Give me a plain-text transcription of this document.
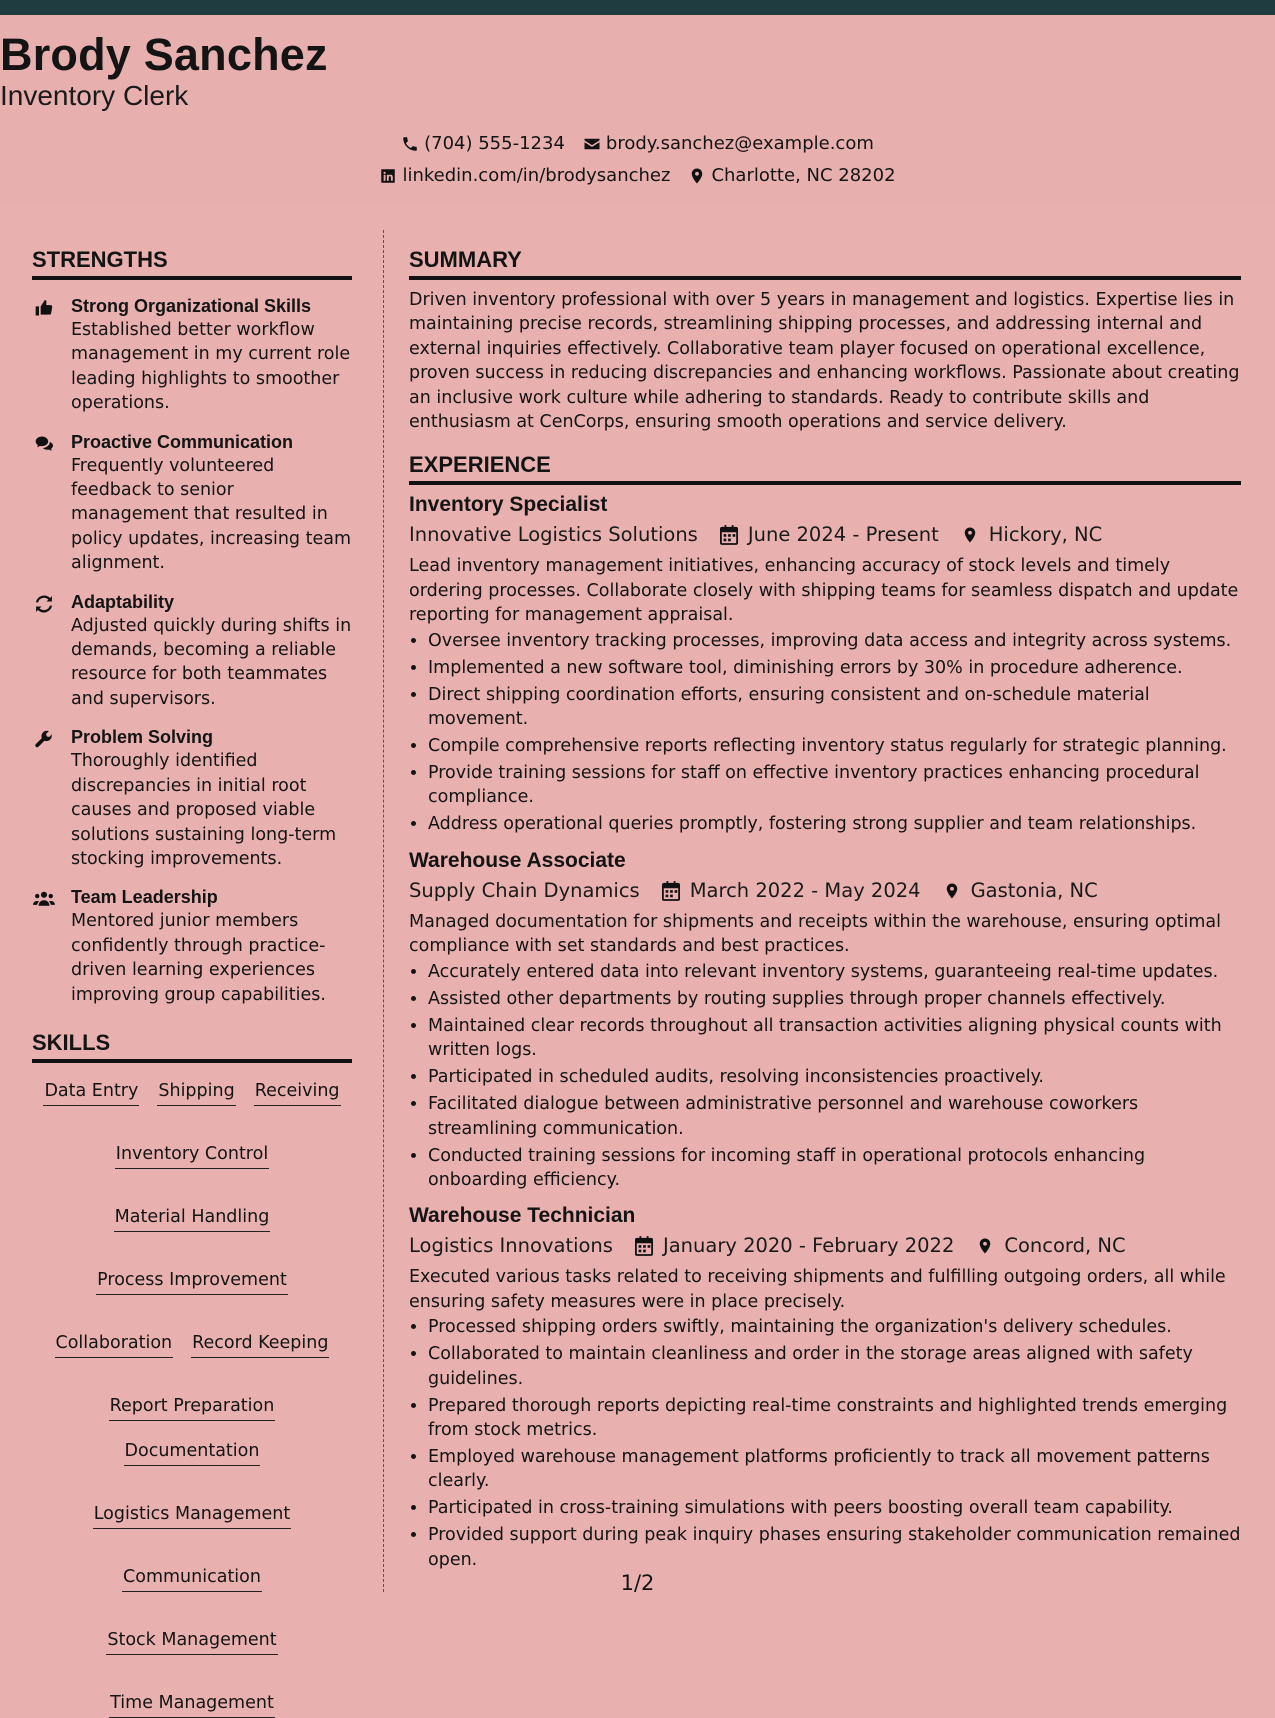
Brody Sanchez
Inventory Clerk
(704) 555-1234 brody.sanchez@example.com
linkedin.com/in/brodysanchez Charlotte, NC 28202
STRENGTHS
Strong Organizational Skills
Established better workflow management in my current role leading highlights to smoother operations.
Proactive Communication
Frequently volunteered feedback to senior management that resulted in policy updates, increasing team alignment.
Adaptability
Adjusted quickly during shifts in demands, becoming a reliable resource for both teammates and supervisors.
Problem Solving
Thoroughly identified discrepancies in initial root causes and proposed viable solutions sustaining long-term stocking improvements.
Team Leadership
Mentored junior members confidently through practice-driven learning experiences improving group capabilities.
SKILLS
Data Entry Shipping Receiving
Inventory Control
Material Handling
Process Improvement
Collaboration Record Keeping
Report Preparation
Documentation
Logistics Management
Communication
Stock Management
Time Management
SUMMARY
Driven inventory professional with over 5 years in management and logistics. Expertise lies in maintaining precise records, streamlining shipping processes, and addressing internal and external inquiries effectively. Collaborative team player focused on operational excellence, proven success in reducing discrepancies and enhancing workflows. Passionate about creating an inclusive work culture while adhering to standards. Ready to contribute skills and enthusiasm at CenCorps, ensuring smooth operations and service delivery.
EXPERIENCE
Inventory Specialist
Innovative Logistics Solutions	June 2024 - Present	Hickory, NC
Lead inventory management initiatives, enhancing accuracy of stock levels and timely ordering processes. Collaborate closely with shipping teams for seamless dispatch and update reporting for management appraisal.
• Oversee inventory tracking processes, improving data access and integrity across systems.
• Implemented a new software tool, diminishing errors by 30% in procedure adherence.
• Direct shipping coordination efforts, ensuring consistent and on-schedule material movement.
• Compile comprehensive reports reflecting inventory status regularly for strategic planning.
• Provide training sessions for staff on effective inventory practices enhancing procedural compliance.
• Address operational queries promptly, fostering strong supplier and team relationships.
Warehouse Associate
Supply Chain Dynamics	March 2022 - May 2024	Gastonia, NC
Managed documentation for shipments and receipts within the warehouse, ensuring optimal compliance with set standards and best practices.
• Accurately entered data into relevant inventory systems, guaranteeing real-time updates.
• Assisted other departments by routing supplies through proper channels effectively.
• Maintained clear records throughout all transaction activities aligning physical counts with written logs.
• Participated in scheduled audits, resolving inconsistencies proactively.
• Facilitated dialogue between administrative personnel and warehouse coworkers streamlining communication.
• Conducted training sessions for incoming staff in operational protocols enhancing onboarding efficiency.
Warehouse Technician
Logistics Innovations	January 2020 - February 2022	Concord, NC
Executed various tasks related to receiving shipments and fulfilling outgoing orders, all while ensuring safety measures were in place precisely.
• Processed shipping orders swiftly, maintaining the organization's delivery schedules.
• Collaborated to maintain cleanliness and order in the storage areas aligned with safety guidelines.
• Prepared thorough reports depicting real-time constraints and highlighted trends emerging from stock metrics.
• Employed warehouse management platforms proficiently to track all movement patterns clearly.
• Participated in cross-training simulations with peers boosting overall team capability.
• Provided support during peak inquiry phases ensuring stakeholder communication remained open.
1/2
